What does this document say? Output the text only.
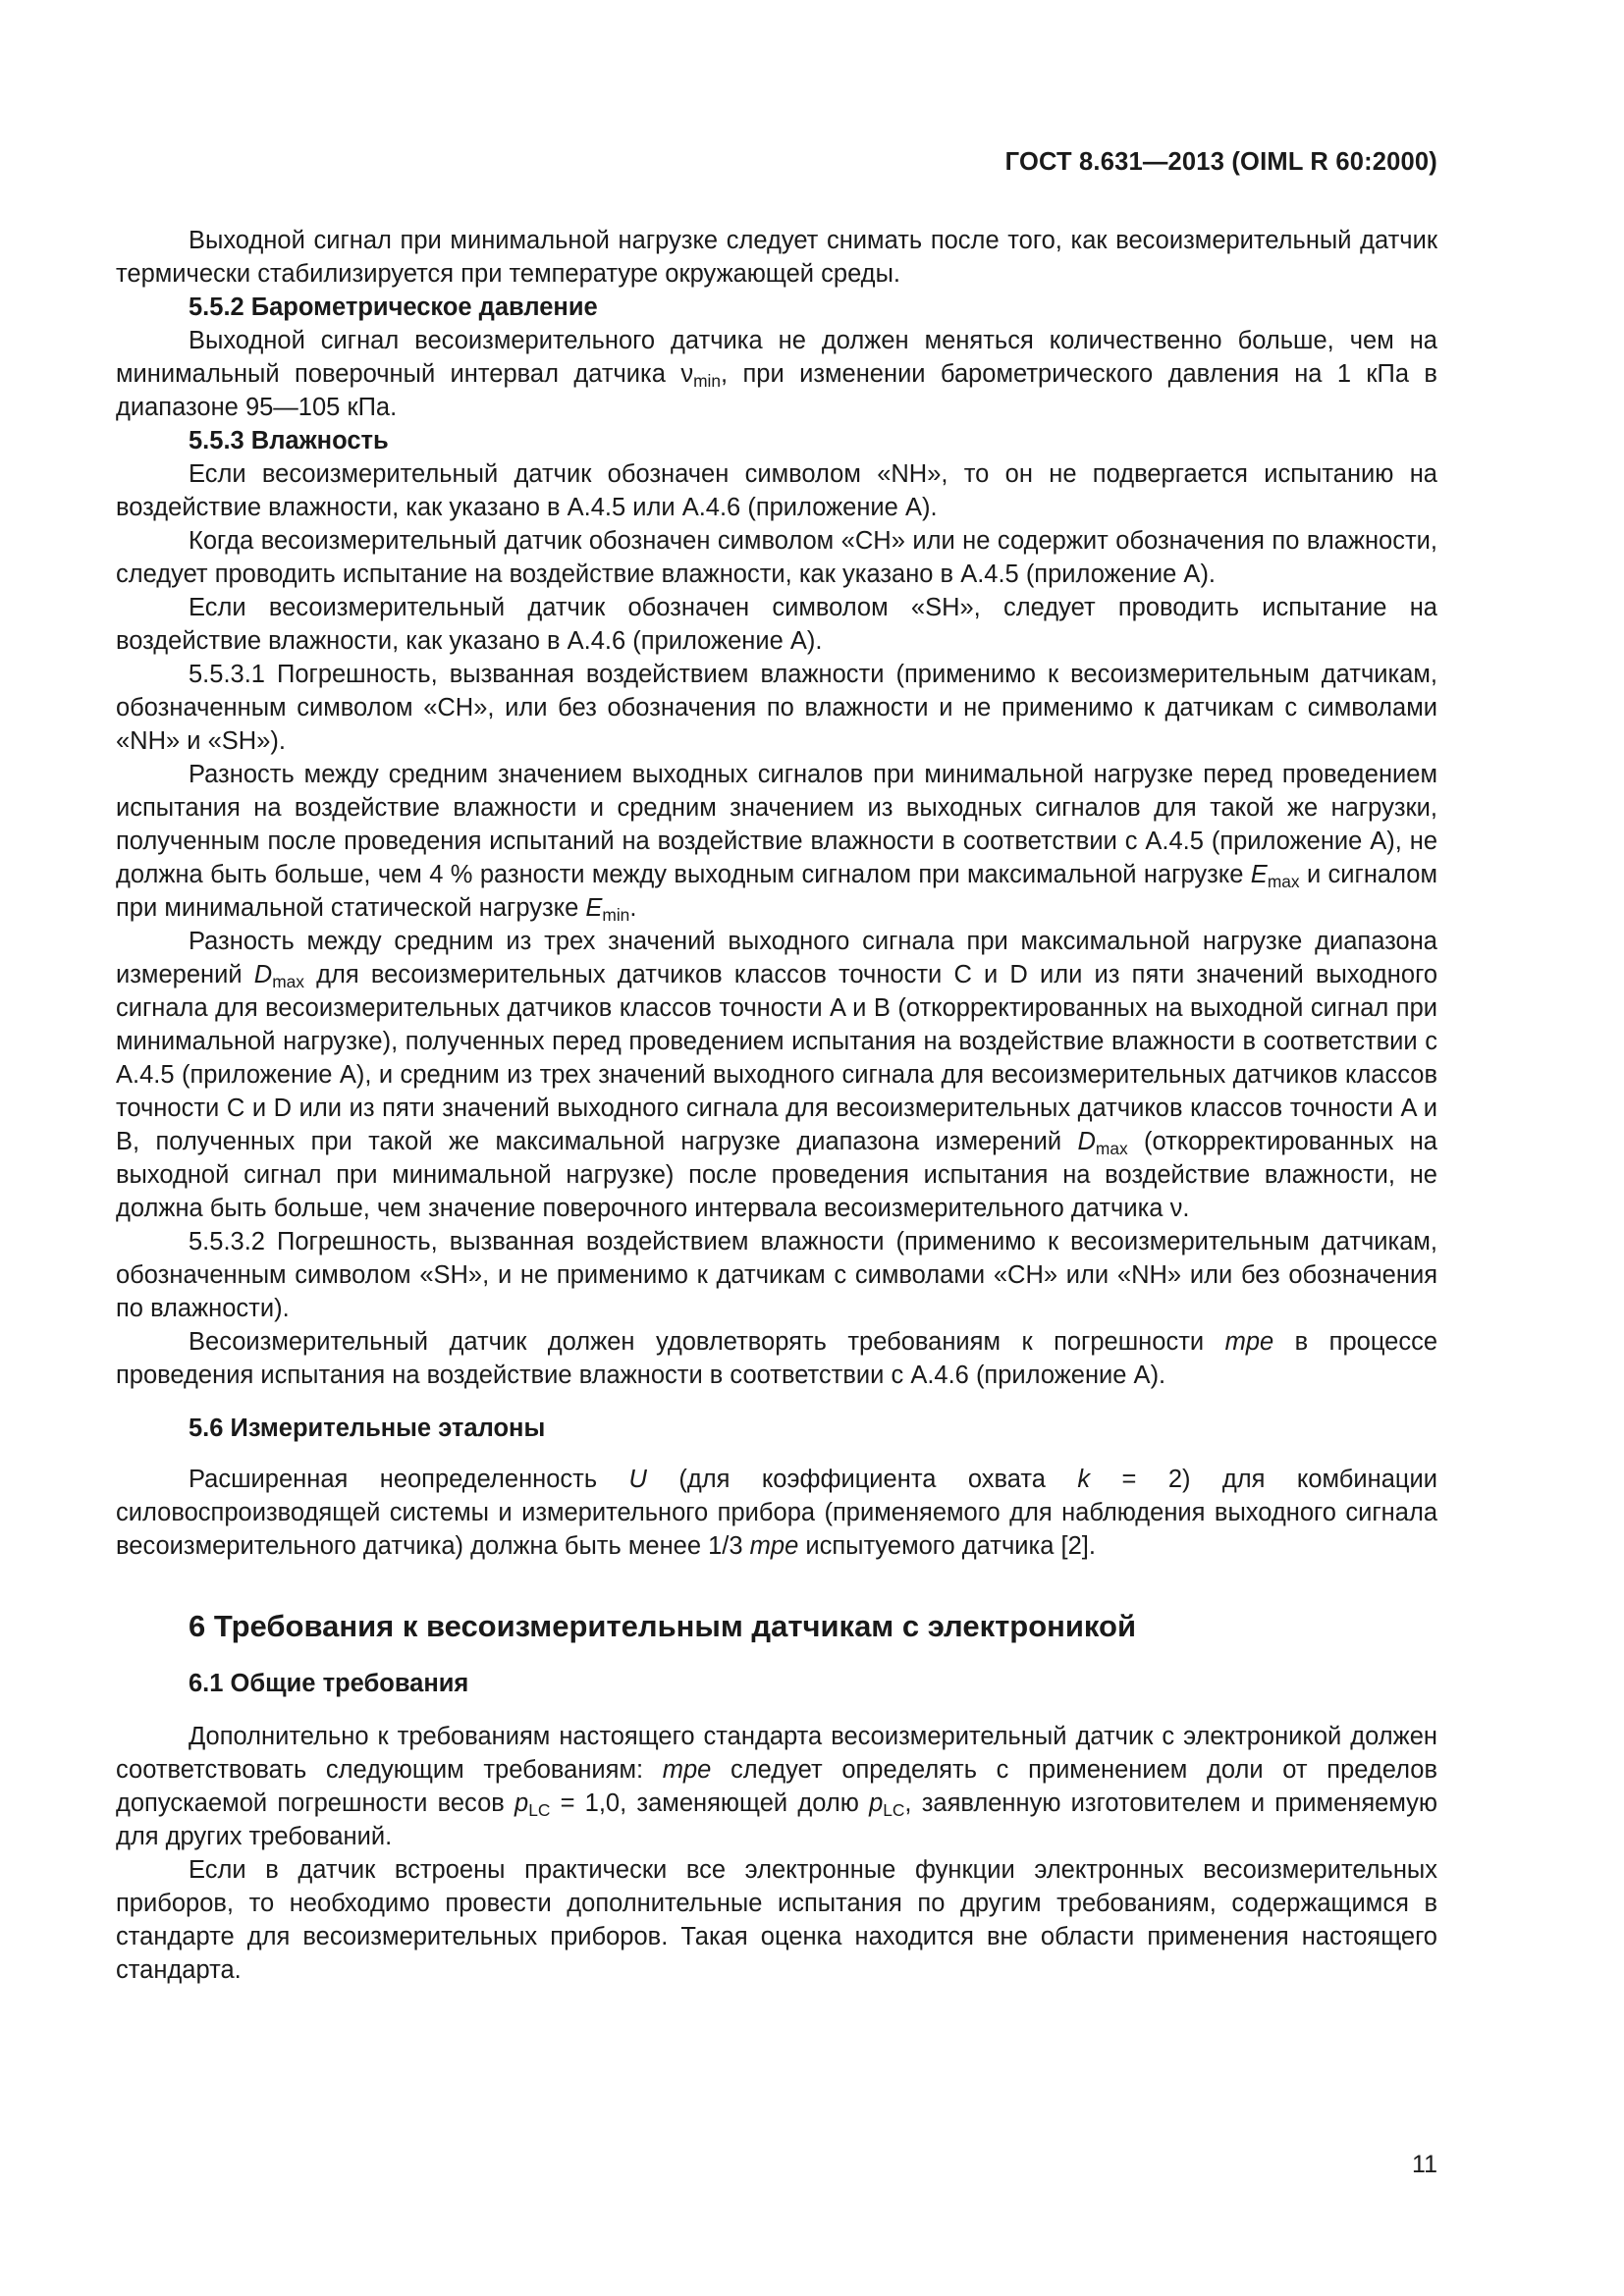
ГОСТ 8.631—2013 (OIML R 60:2000)

Выходной сигнал при минимальной нагрузке следует снимать после того, как весоизмерительный датчик термически стабилизируется при температуре окружающей среды.

5.5.2 Барометрическое давление

Выходной сигнал весоизмерительного датчика не должен меняться количественно больше, чем на минимальный поверочный интервал датчика $\nu_{min}$, при изменении барометрического давления на 1 кПа в диапазоне 95—105 кПа.

5.5.3 Влажность

Если весоизмерительный датчик обозначен символом «NH», то он не подвергается испытанию на воздействие влажности, как указано в А.4.5 или А.4.6 (приложение А).

Когда весоизмерительный датчик обозначен символом «CH» или не содержит обозначения по влажности, следует проводить испытание на воздействие влажности, как указано в А.4.5 (приложение А).

Если весоизмерительный датчик обозначен символом «SH», следует проводить испытание на воздействие влажности, как указано в А.4.6 (приложение А).

5.5.3.1 Погрешность, вызванная воздействием влажности (применимо к весоизмерительным датчикам, обозначенным символом «CH», или без обозначения по влажности и не применимо к датчикам с символами «NH» и «SH»).

Разность между средним значением выходных сигналов при минимальной нагрузке перед проведением испытания на воздействие влажности и средним значением из выходных сигналов для такой же нагрузки, полученным после проведения испытаний на воздействие влажности в соответствии с А.4.5 (приложение А), не должна быть больше, чем 4 % разности между выходным сигналом при максимальной нагрузке $E_{max}$ и сигналом при минимальной статической нагрузке $E_{min}$.

Разность между средним из трех значений выходного сигнала при максимальной нагрузке диапазона измерений $D_{max}$ для весоизмерительных датчиков классов точности C и D или из пяти значений выходного сигнала для весоизмерительных датчиков классов точности A и B (откорректированных на выходной сигнал при минимальной нагрузке), полученных перед проведением испытания на воздействие влажности в соответствии с А.4.5 (приложение А), и средним из трех значений выходного сигнала для весоизмерительных датчиков классов точности C и D или из пяти значений выходного сигнала для весоизмерительных датчиков классов точности A и B, полученных при такой же максимальной нагрузке диапазона измерений $D_{max}$ (откорректированных на выходной сигнал при минимальной нагрузке) после проведения испытания на воздействие влажности, не должна быть больше, чем значение поверочного интервала весоизмерительного датчика ν.

5.5.3.2 Погрешность, вызванная воздействием влажности (применимо к весоизмерительным датчикам, обозначенным символом «SH», и не применимо к датчикам с символами «CH» или «NH» или без обозначения по влажности).

Весоизмерительный датчик должен удовлетворять требованиям к погрешности mpe в процессе проведения испытания на воздействие влажности в соответствии с А.4.6 (приложение А).

5.6 Измерительные эталоны

Расширенная неопределенность U (для коэффициента охвата k = 2) для комбинации силовоспроизводящей системы и измерительного прибора (применяемого для наблюдения выходного сигнала весоизмерительного датчика) должна быть менее 1/3 mpe испытуемого датчика [2].

6 Требования к весоизмерительным датчикам с электроникой
6.1 Общие требования

Дополнительно к требованиям настоящего стандарта весоизмерительный датчик с электроникой должен соответствовать следующим требованиям: mpe следует определять с применением доли от пределов допускаемой погрешности весов $p_{LC} = 1,0$, заменяющей долю $p_{LC}$, заявленную изготовителем и применяемую для других требований.

Если в датчик встроены практически все электронные функции электронных весоизмерительных приборов, то необходимо провести дополнительные испытания по другим требованиям, содержащимся в стандарте для весоизмерительных приборов. Такая оценка находится вне области применения настоящего стандарта.

11
